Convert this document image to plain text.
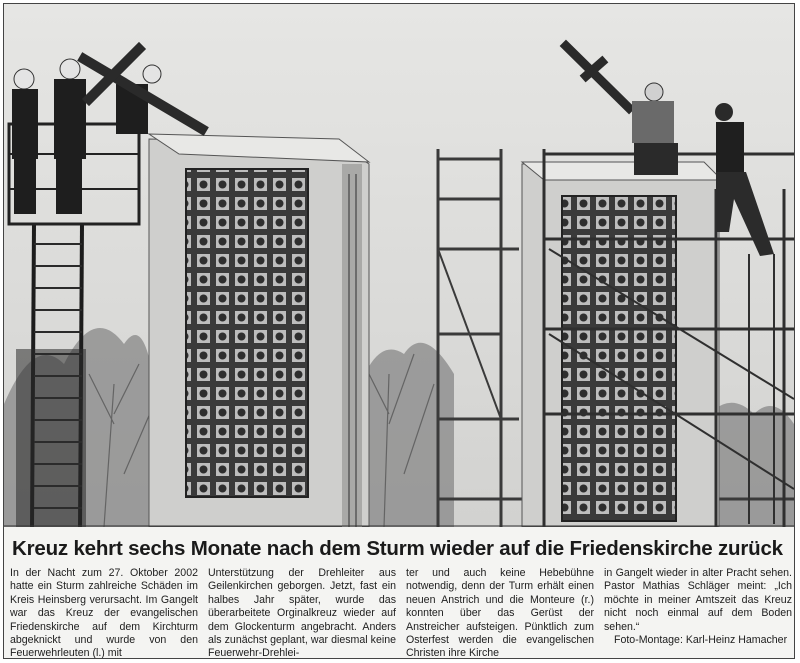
Kreuz kehrt sechs Monate nach dem Sturm wieder auf die Friedenskirche zurück

In der Nacht zum 27. Oktober 2002 hatte ein Sturm zahlreiche Schäden im Kreis Heinsberg verursacht. Im Gangelt war das Kreuz der evangelischen Friedenskirche auf dem Kirchturm abgeknickt und wurde von den Feuerwehrleuten (l.) mit

Unterstützung der Drehleiter aus Geilenkirchen geborgen. Jetzt, fast ein halbes Jahr später, wurde das überarbeitete Orginalkreuz wieder auf dem Glockenturm angebracht. Anders als zunächst geplant, war diesmal keine Feuerwehr-Drehlei-

ter und auch keine Hebebühne notwendig, denn der Turm erhält einen neuen Anstrich und die Monteure (r.) konnten über das Gerüst der Anstreicher aufsteigen. Pünktlich zum Osterfest werden die evangelischen Christen ihre Kirche

in Gangelt wieder in alter Pracht sehen. Pastor Mathias Schläger meint: „Ich möchte in meiner Amtszeit das Kreuz nicht noch einmal auf dem Boden sehen.“

Foto-Montage: Karl-Heinz Hamacher
